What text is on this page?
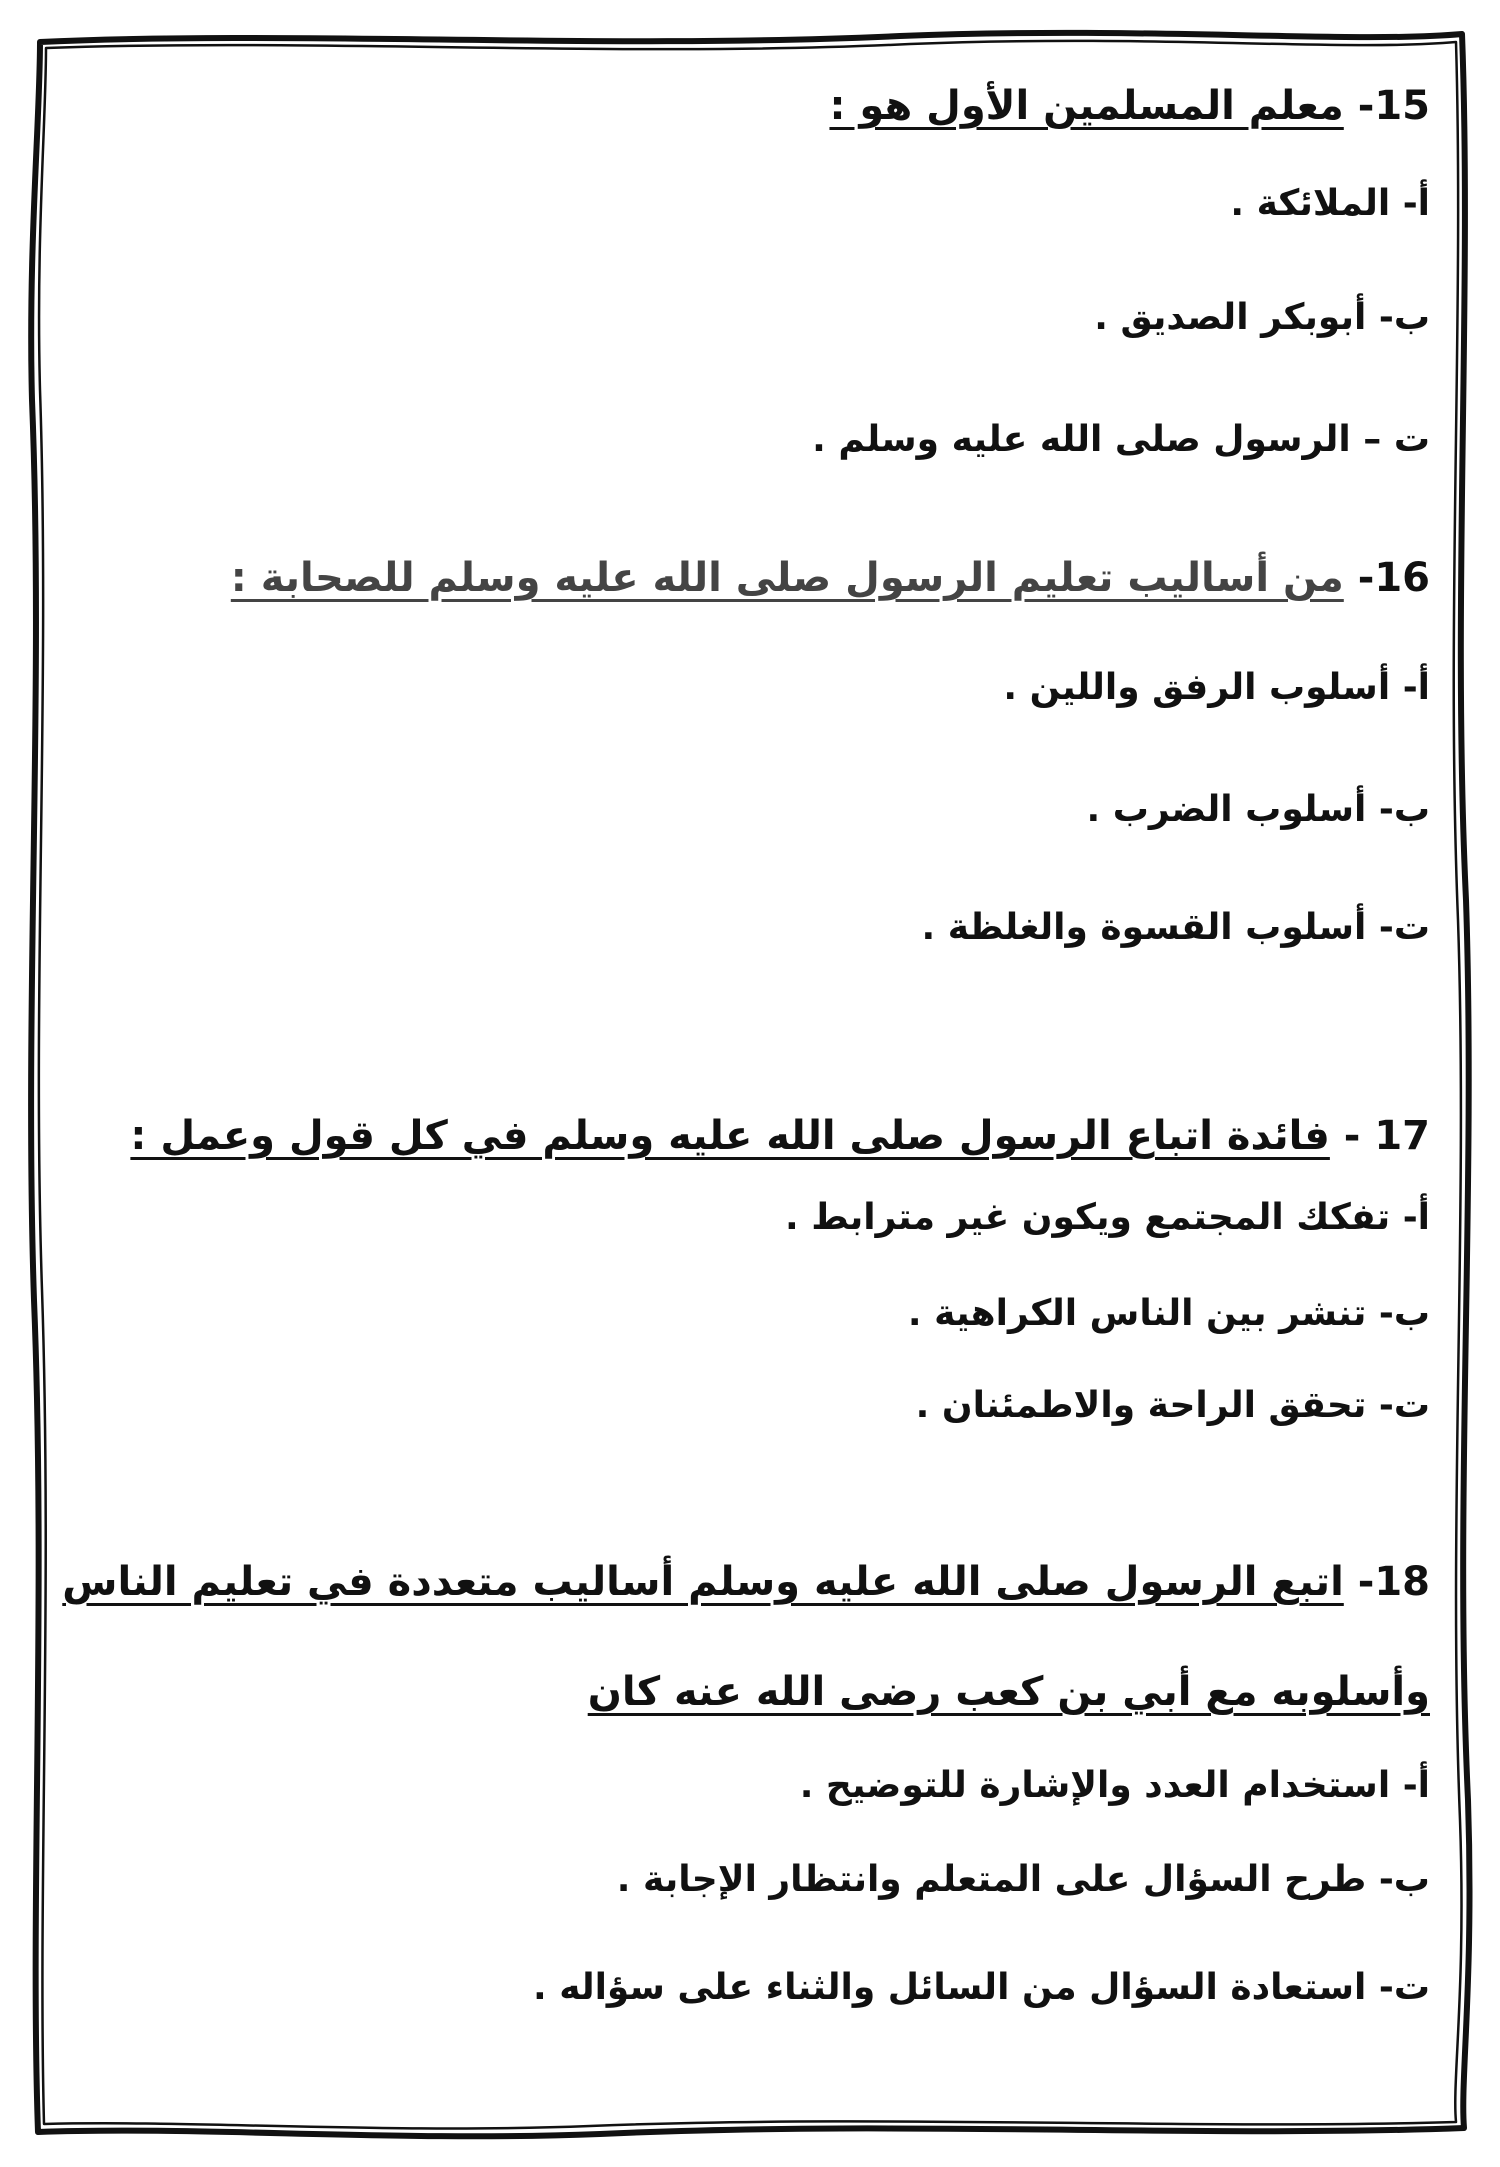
15- معلم المسلمين الأول هو :
أ- الملائكة .
ب- أبوبكر الصديق .
ت – الرسول صلى الله عليه وسلم .
16- من أساليب تعليم الرسول صلى الله عليه وسلم للصحابة :
أ- أسلوب الرفق واللين .
ب- أسلوب الضرب .
ت- أسلوب القسوة والغلظة .
17 - فائدة اتباع الرسول صلى الله عليه وسلم في كل قول وعمل :
أ- تفكك المجتمع ويكون غير مترابط .
ب- تنشر بين الناس الكراهية .
ت- تحقق الراحة والاطمئنان .
18- اتبع الرسول صلى الله عليه وسلم أساليب متعددة في تعليم الناس
وأسلوبه مع أبي بن كعب رضى الله عنه كان
أ- استخدام العدد والإشارة للتوضيح .
ب- طرح السؤال على المتعلم وانتظار الإجابة .
ت- استعادة السؤال من السائل والثناء على سؤاله .
